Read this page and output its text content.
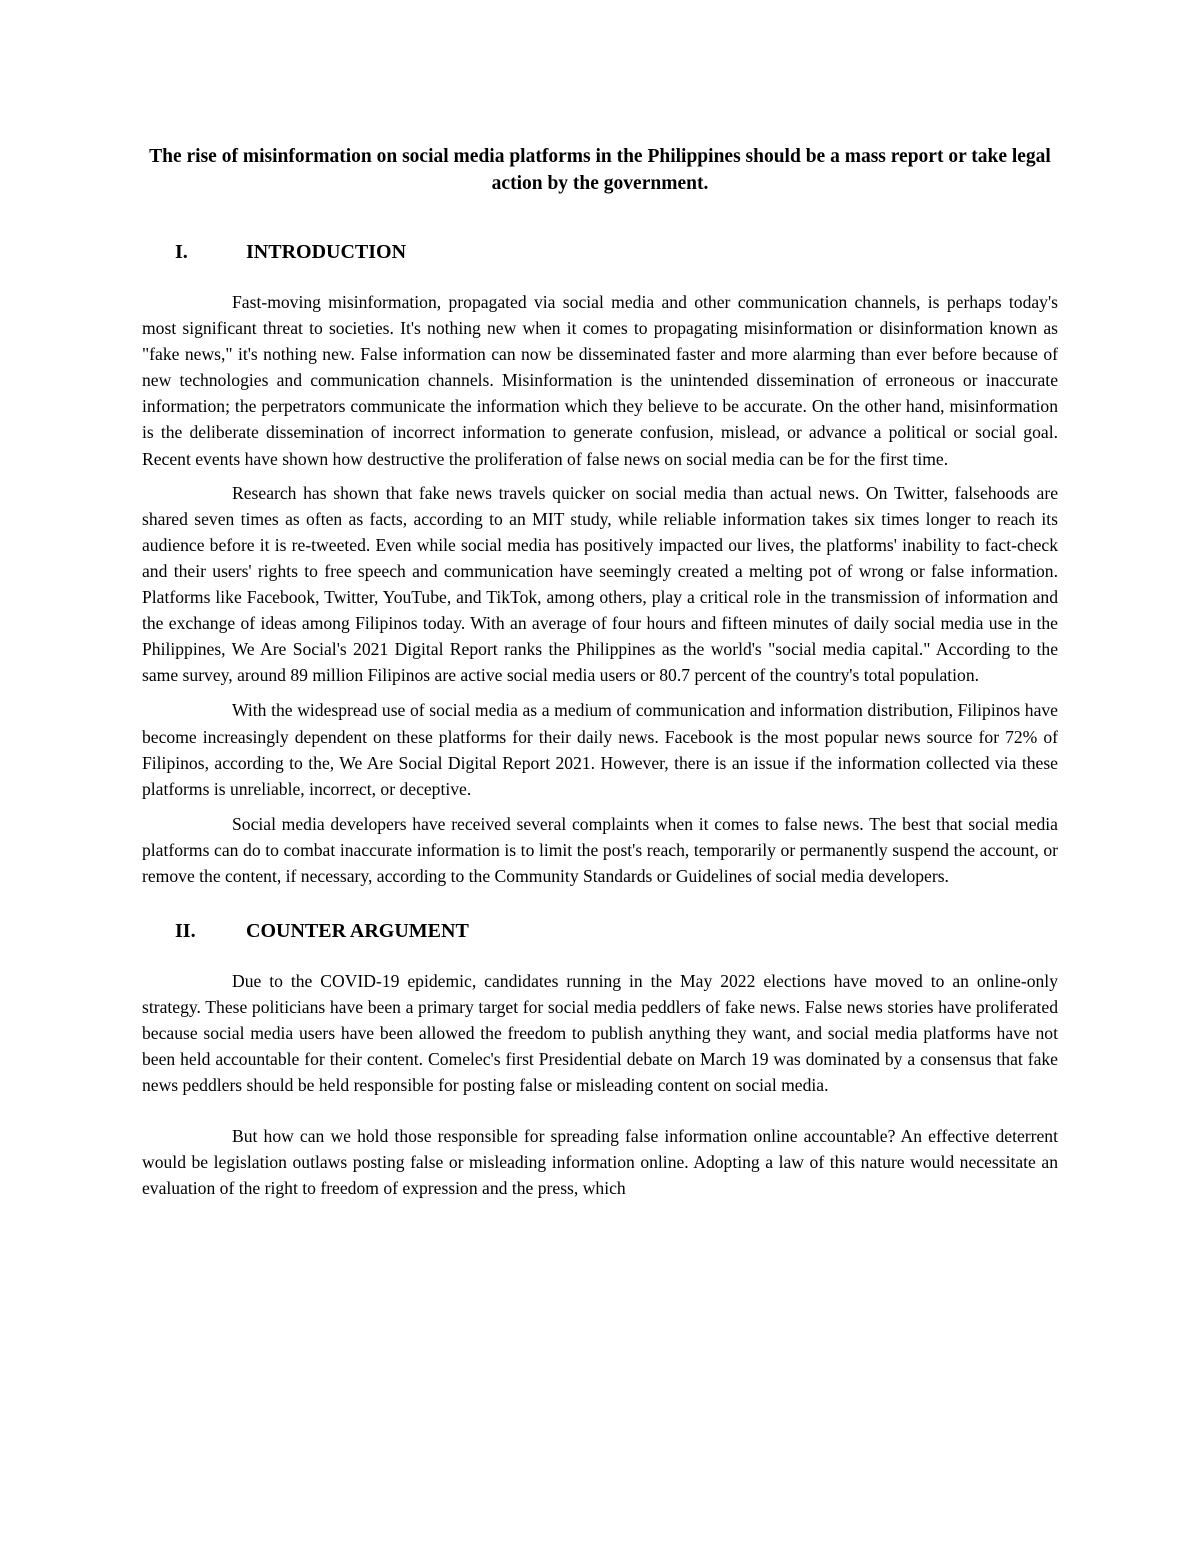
The rise of misinformation on social media platforms in the Philippines should be a mass report or take legal action by the government.
I.	INTRODUCTION

Fast-moving misinformation, propagated via social media and other communication channels, is perhaps today's most significant threat to societies. It's nothing new when it comes to propagating misinformation or disinformation known as "fake news," it's nothing new. False information can now be disseminated faster and more alarming than ever before because of new technologies and communication channels. Misinformation is the unintended dissemination of erroneous or inaccurate information; the perpetrators communicate the information which they believe to be accurate. On the other hand, misinformation is the deliberate dissemination of incorrect information to generate confusion, mislead, or advance a political or social goal. Recent events have shown how destructive the proliferation of false news on social media can be for the first time.

Research has shown that fake news travels quicker on social media than actual news. On Twitter, falsehoods are shared seven times as often as facts, according to an MIT study, while reliable information takes six times longer to reach its audience before it is re-tweeted. Even while social media has positively impacted our lives, the platforms' inability to fact-check and their users' rights to free speech and communication have seemingly created a melting pot of wrong or false information. Platforms like Facebook, Twitter, YouTube, and TikTok, among others, play a critical role in the transmission of information and the exchange of ideas among Filipinos today. With an average of four hours and fifteen minutes of daily social media use in the Philippines, We Are Social's 2021 Digital Report ranks the Philippines as the world's "social media capital." According to the same survey, around 89 million Filipinos are active social media users or 80.7 percent of the country's total population.

With the widespread use of social media as a medium of communication and information distribution, Filipinos have become increasingly dependent on these platforms for their daily news. Facebook is the most popular news source for 72% of Filipinos, according to the, We Are Social Digital Report 2021. However, there is an issue if the information collected via these platforms is unreliable, incorrect, or deceptive.

Social media developers have received several complaints when it comes to false news. The best that social media platforms can do to combat inaccurate information is to limit the post's reach, temporarily or permanently suspend the account, or remove the content, if necessary, according to the Community Standards or Guidelines of social media developers.

II.	COUNTER ARGUMENT

Due to the COVID-19 epidemic, candidates running in the May 2022 elections have moved to an online-only strategy. These politicians have been a primary target for social media peddlers of fake news. False news stories have proliferated because social media users have been allowed the freedom to publish anything they want, and social media platforms have not been held accountable for their content. Comelec's first Presidential debate on March 19 was dominated by a consensus that fake news peddlers should be held responsible for posting false or misleading content on social media.

But how can we hold those responsible for spreading false information online accountable? An effective deterrent would be legislation outlaws posting false or misleading information online. Adopting a law of this nature would necessitate an evaluation of the right to freedom of expression and the press, which
